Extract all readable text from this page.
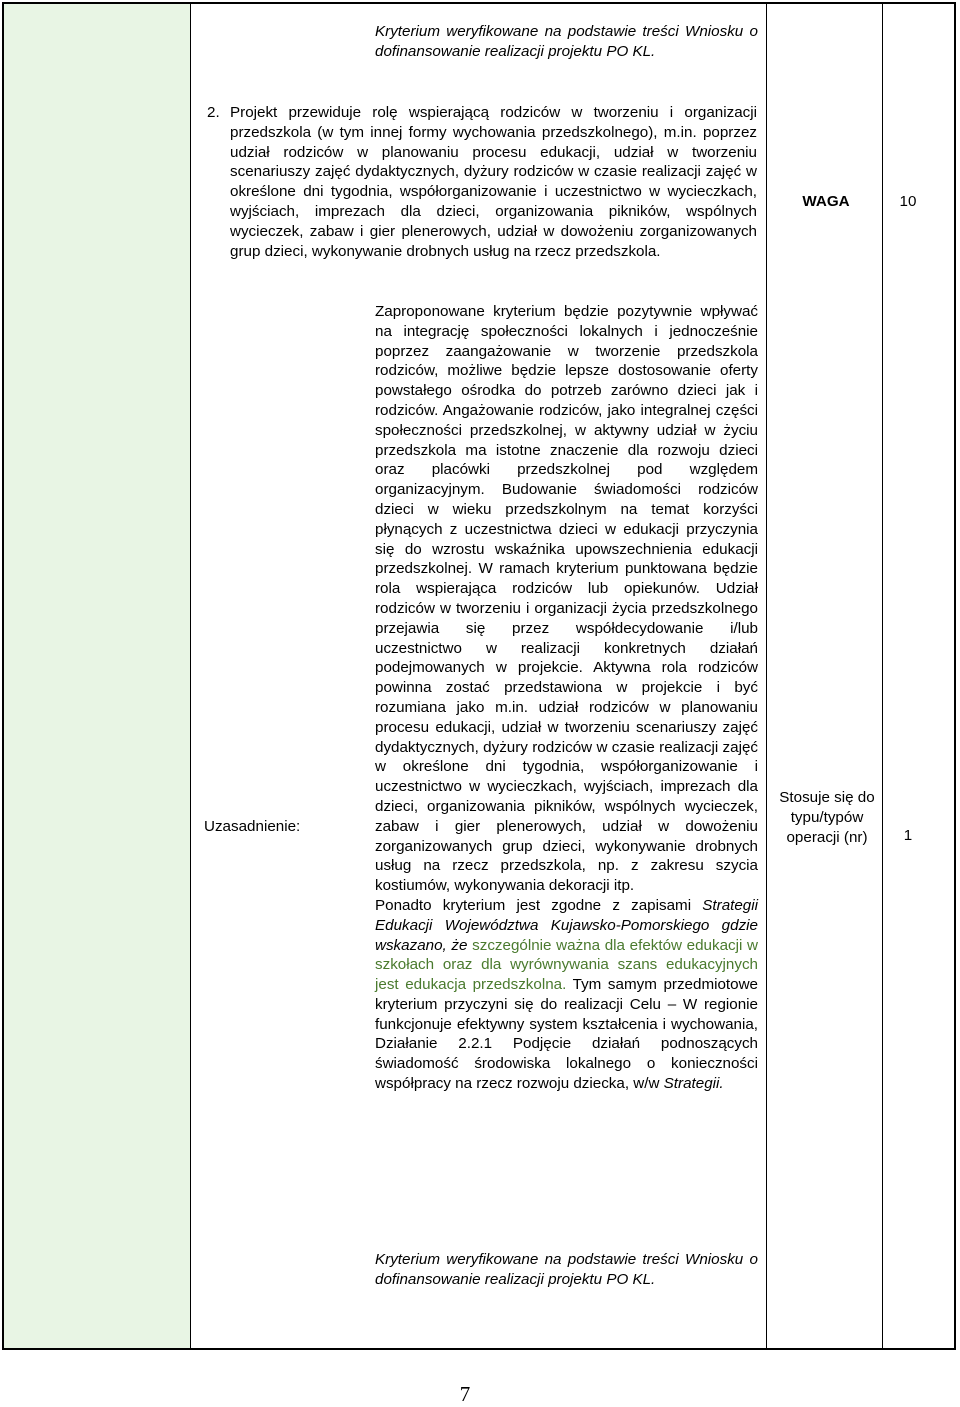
Kryterium weryfikowane na podstawie treści Wniosku o dofinansowanie realizacji projektu PO KL.
2. Projekt przewiduje rolę wspierającą rodziców w tworzeniu i organizacji przedszkola (w tym innej formy wychowania przedszkolnego), m.in. poprzez udział rodziców w planowaniu procesu edukacji, udział w tworzeniu scenariuszy zajęć dydaktycznych, dyżury rodziców w czasie realizacji zajęć w określone dni tygodnia, współorganizowanie i uczestnictwo w wycieczkach, wyjściach, imprezach dla dzieci, organizowania pikników, wspólnych wycieczek, zabaw i gier plenerowych, udział w dowożeniu zorganizowanych grup dzieci, wykonywanie drobnych usług na rzecz przedszkola.
WAGA	10
Uzasadnienie:
Zaproponowane kryterium będzie pozytywnie wpływać na integrację społeczności lokalnych i jednocześnie poprzez zaangażowanie w tworzenie przedszkola rodziców, możliwe będzie lepsze dostosowanie oferty powstałego ośrodka do potrzeb zarówno dzieci jak i rodziców. Angażowanie rodziców, jako integralnej części społeczności przedszkolnej, w aktywny udział w życiu przedszkola ma istotne znaczenie dla rozwoju dzieci oraz placówki przedszkolnej pod względem organizacyjnym. Budowanie świadomości rodziców dzieci w wieku przedszkolnym na temat korzyści płynących z uczestnictwa dzieci w edukacji przyczynia się do wzrostu wskaźnika upowszechnienia edukacji przedszkolnej. W ramach kryterium punktowana będzie rola wspierająca rodziców lub opiekunów. Udział rodziców w tworzeniu i organizacji życia przedszkolnego przejawia się przez współdecydowanie i/lub uczestnictwo w realizacji konkretnych działań podejmowanych w projekcie. Aktywna rola rodziców powinna zostać przedstawiona w projekcie i być rozumiana jako m.in. udział rodziców w planowaniu procesu edukacji, udział w tworzeniu scenariuszy zajęć dydaktycznych, dyżury rodziców w czasie realizacji zajęć w określone dni tygodnia, współorganizowanie i uczestnictwo w wycieczkach, wyjściach, imprezach dla dzieci, organizowania pikników, wspólnych wycieczek, zabaw i gier plenerowych, udział w dowożeniu zorganizowanych grup dzieci, wykonywanie drobnych usług na rzecz przedszkola, np. z zakresu szycia kostiumów, wykonywania dekoracji itp.
Ponadto kryterium jest zgodne z zapisami Strategii Edukacji Województwa Kujawsko-Pomorskiego gdzie wskazano, że szczególnie ważna dla efektów edukacji w szkołach oraz dla wyrównywania szans edukacyjnych jest edukacja przedszkolna. Tym samym przedmiotowe kryterium przyczyni się do realizacji Celu – W regionie funkcjonuje efektywny system kształcenia i wychowania, Działanie 2.2.1 Podjęcie działań podnoszących świadomość środowiska lokalnego o konieczności współpracy na rzecz rozwoju dziecka, w/w Strategii.
Stosuje się do typu/typów operacji (nr)	1
Kryterium weryfikowane na podstawie treści Wniosku o dofinansowanie realizacji projektu PO KL.
7
